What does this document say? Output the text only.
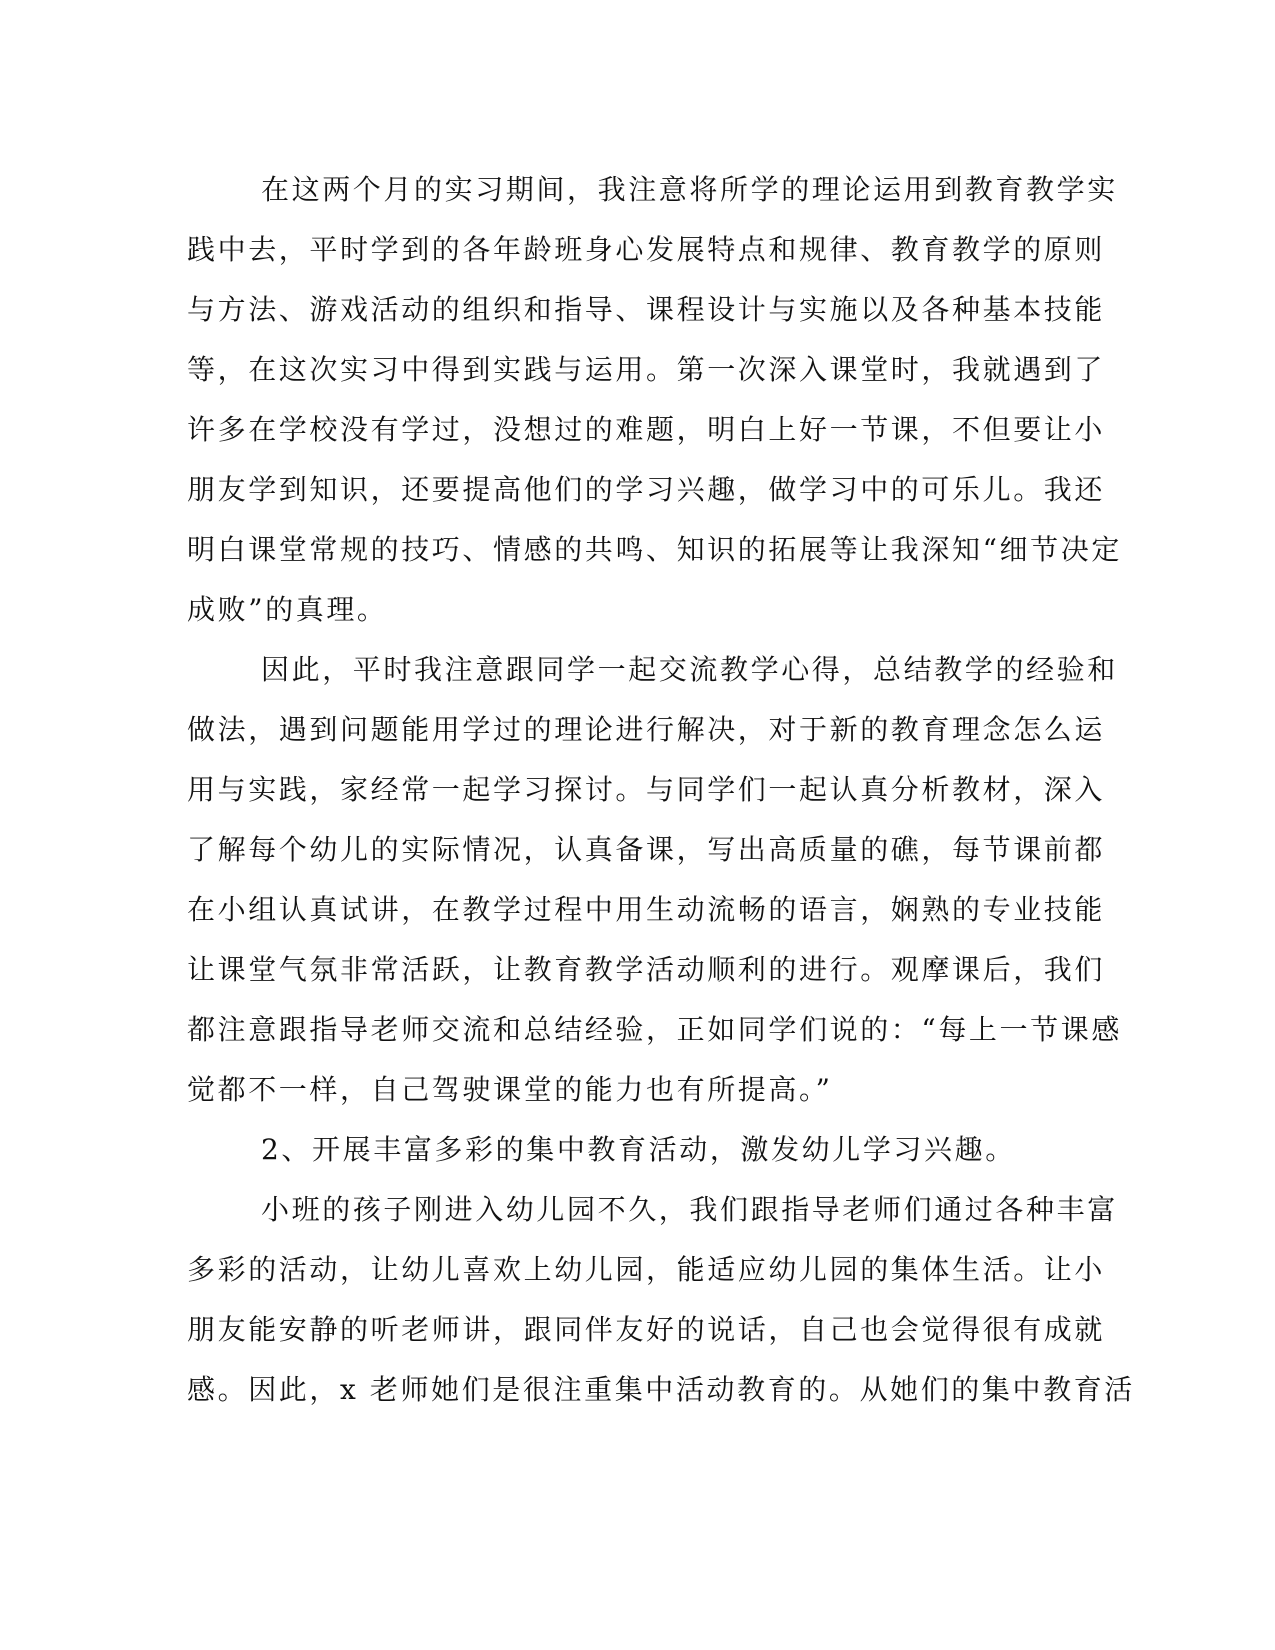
在这两个月的实习期间，我注意将所学的理论运用到教育教学实
践中去，平时学到的各年龄班身心发展特点和规律、教育教学的原则
与方法、游戏活动的组织和指导、课程设计与实施以及各种基本技能
等，在这次实习中得到实践与运用。第一次深入课堂时，我就遇到了
许多在学校没有学过，没想过的难题，明白上好一节课，不但要让小
朋友学到知识，还要提高他们的学习兴趣，做学习中的可乐儿。我还
明白课堂常规的技巧、情感的共鸣、知识的拓展等让我深知“细节决定
成败”的真理。
因此，平时我注意跟同学一起交流教学心得，总结教学的经验和
做法，遇到问题能用学过的理论进行解决，对于新的教育理念怎么运
用与实践，家经常一起学习探讨。与同学们一起认真分析教材，深入
了解每个幼儿的实际情况，认真备课，写出高质量的礁，每节课前都
在小组认真试讲，在教学过程中用生动流畅的语言，娴熟的专业技能
让课堂气氛非常活跃，让教育教学活动顺利的进行。观摩课后，我们
都注意跟指导老师交流和总结经验，正如同学们说的：“每上一节课感
觉都不一样，自己驾驶课堂的能力也有所提高。”
2、开展丰富多彩的集中教育活动，激发幼儿学习兴趣。
小班的孩子刚进入幼儿园不久，我们跟指导老师们通过各种丰富
多彩的活动，让幼儿喜欢上幼儿园，能适应幼儿园的集体生活。让小
朋友能安静的听老师讲，跟同伴友好的说话，自己也会觉得很有成就
感。因此，x 老师她们是很注重集中活动教育的。从她们的集中教育活
